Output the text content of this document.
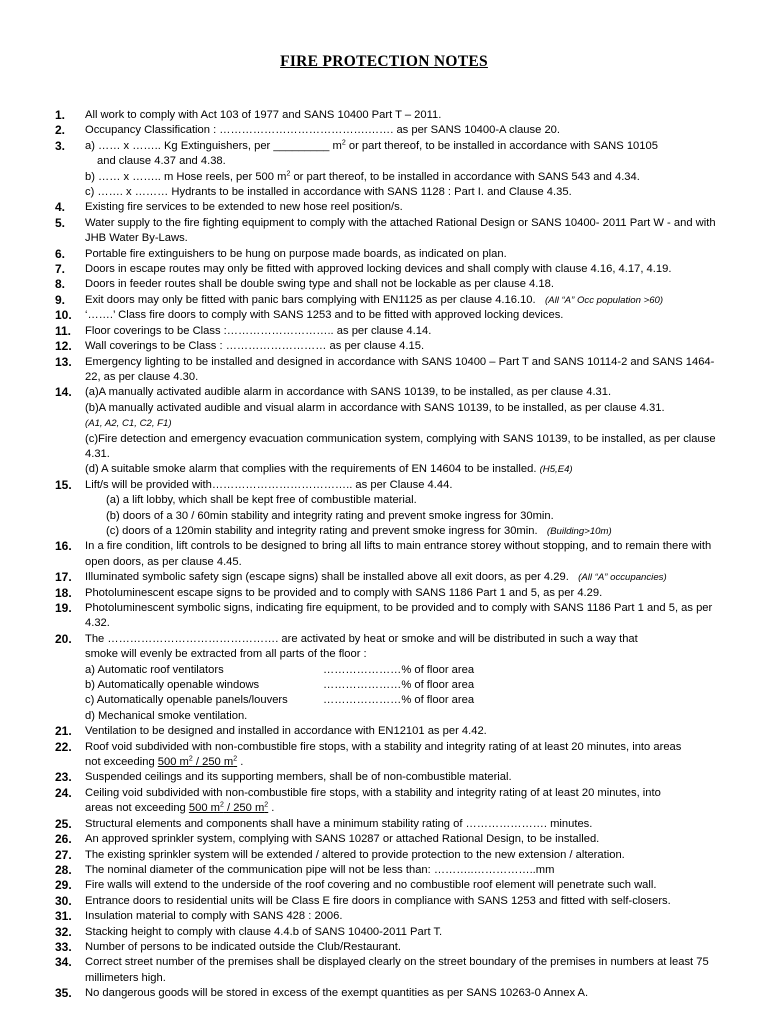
FIRE PROTECTION NOTES
1. All work to comply with Act 103 of 1977 and SANS 10400 Part T – 2011.
2. Occupancy Classification : ………………………………….……. as per SANS 10400-A clause 20.
3. a) …… x …….. Kg Extinguishers, per _________ $m^2$ or part thereof, to be installed in accordance with SANS 10105
and clause 4.37 and 4.38.
b) …… x …….. m Hose reels, per 500 $m^2$ or part thereof, to be installed in accordance with SANS 543 and 4.34.
c) ……. x ……… Hydrants to be installed in accordance with SANS 1128 : Part I. and Clause 4.35.
4. Existing fire services to be extended to new hose reel position/s.
5. Water supply to the fire fighting equipment to comply with the attached Rational Design or SANS 10400- 2011 Part W - and with JHB Water By-Laws.
6. Portable fire extinguishers to be hung on purpose made boards, as indicated on plan.
7. Doors in escape routes may only be fitted with approved locking devices and shall comply with clause 4.16, 4.17, 4.19.
8. Doors in feeder routes shall be double swing type and shall not be lockable as per clause 4.18.
9. Exit doors may only be fitted with panic bars complying with EN1125 as per clause 4.16.10. (All “A” Occ population >60)
10. ‘…….’ Class fire doors to comply with SANS 1253 and to be fitted with approved locking devices.
11. Floor coverings to be Class :……………………….. as per clause 4.14.
12. Wall coverings to be Class : ……………………… as per clause 4.15.
13. Emergency lighting to be installed and designed in accordance with SANS 10400 – Part T and SANS 10114-2 and SANS 1464-22, as per clause 4.30.
14. (a)A manually activated audible alarm in accordance with SANS 10139, to be installed, as per clause 4.31.
(b)A manually activated audible and visual alarm in accordance with SANS 10139, to be installed, as per clause 4.31.
(A1, A2, C1, C2, F1)
(c)Fire detection and emergency evacuation communication system, complying with SANS 10139, to be installed, as per clause 4.31.
(d) A suitable smoke alarm that complies with the requirements of EN 14604 to be installed. (H5,E4)
15. Lift/s will be provided with……………………………….. as per Clause 4.44.
(a) a lift lobby, which shall be kept free of combustible material.
(b) doors of a 30 / 60min stability and integrity rating and prevent smoke ingress for 30min.
(c) doors of a 120min stability and integrity rating and prevent smoke ingress for 30min. (Building>10m)
16. In a fire condition, lift controls to be designed to bring all lifts to main entrance storey without stopping, and to remain there with open doors, as per clause 4.45.
17. Illuminated symbolic safety sign (escape signs) shall be installed above all exit doors, as per 4.29. (All “A” occupancies)
18. Photoluminescent escape signs to be provided and to comply with SANS 1186 Part 1 and 5, as per 4.29.
19. Photoluminescent symbolic signs, indicating fire equipment, to be provided and to comply with SANS 1186 Part 1 and 5, as per 4.32.
20. The ………………………………………. are activated by heat or smoke and will be distributed in such a way that
smoke will evenly be extracted from all parts of the floor :
a) Automatic roof ventilators	…………………% of floor area
b) Automatically openable windows	…………………% of floor area
c) Automatically openable panels/louvers	…………………% of floor area
d) Mechanical smoke ventilation.
21. Ventilation to be designed and installed in accordance with EN12101 as per 4.42.
22. Roof void subdivided with non-combustible fire stops, with a stability and integrity rating of at least 20 minutes, into areas
not exceeding 500 $m^2 / 250$ $m^2$ .
23. Suspended ceilings and its supporting members, shall be of non-combustible material.
24. Ceiling void subdivided with non-combustible fire stops, with a stability and integrity rating of at least 20 minutes, into
areas not exceeding 500 $m^2 / 250$ $m^2$ .
25. Structural elements and components shall have a minimum stability rating of …………………. minutes.
26. An approved sprinkler system, complying with SANS 10287 or attached Rational Design, to be installed.
27. The existing sprinkler system will be extended / altered to provide protection to the new extension / alteration.
28. The nominal diameter of the communication pipe will not be less than: ………..……………..mm
29. Fire walls will extend to the underside of the roof covering and no combustible roof element will penetrate such wall.
30. Entrance doors to residential units will be Class E fire doors in compliance with SANS 1253 and fitted with self-closers.
31. Insulation material to comply with SANS 428 : 2006.
32. Stacking height to comply with clause 4.4.b of SANS 10400-2011 Part T.
33. Number of persons to be indicated outside the Club/Restaurant.
34. Correct street number of the premises shall be displayed clearly on the street boundary of the premises in numbers at least 75 millimeters high.
35. No dangerous goods will be stored in excess of the exempt quantities as per SANS 10263-0 Annex A.
